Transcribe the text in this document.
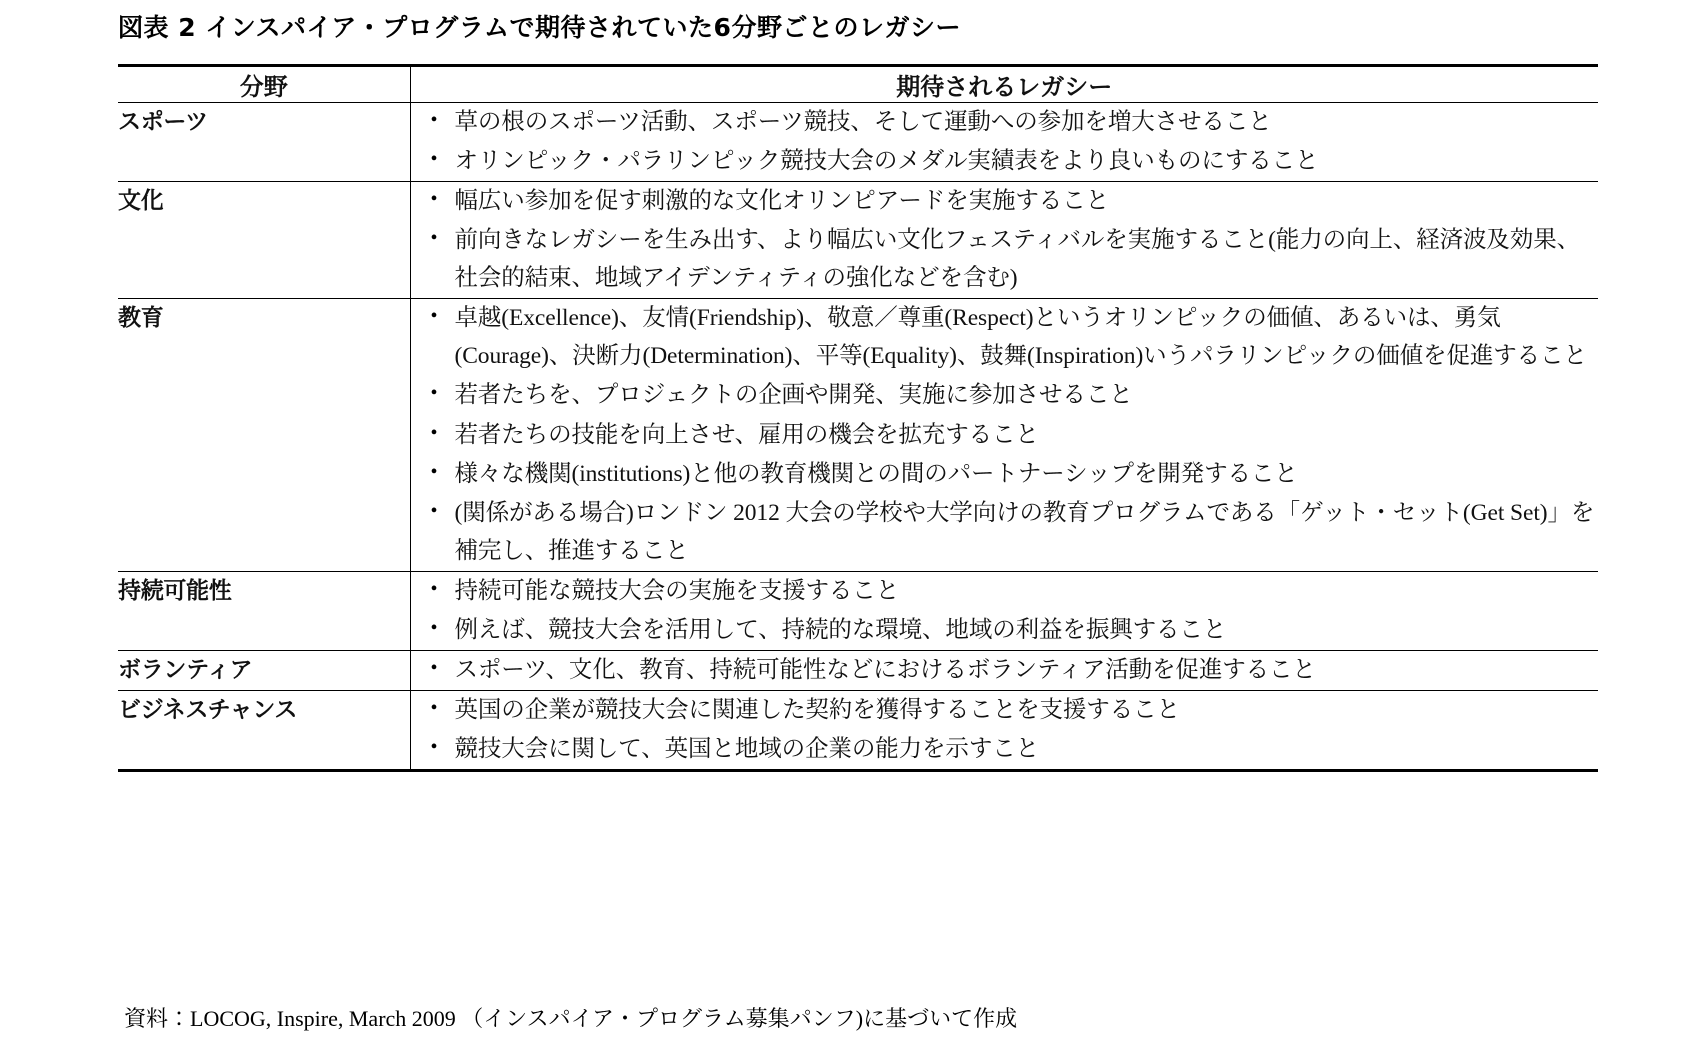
図表 2 インスパイア・プログラムで期待されていた6分野ごとのレガシー
分野	期待されるレガシー
スポーツ	
•草の根のスポーツ活動、スポーツ競技、そして運動への参加を増大させること
• オリンピック・パラリンピック競技大会のメダル実績表をより良いものにすること

文化	
•幅広い参加を促す刺激的な文化オリンピアードを実施すること
• 前向きなレガシーを生み出す、より幅広い文化フェスティバルを実施すること(能力の向上、経済波及効果、社会的結束、地域アイデンティティの強化などを含む)

教育	
•卓越(Excellence)、友情(Friendship)、敬意／尊重(Respect)というオリンピックの価値、あるいは、勇気(Courage)、決断力(Determination)、平等(Equality)、鼓舞(Inspiration)いうパラリンピックの価値を促進すること
• 若者たちを、プロジェクトの企画や開発、実施に参加させること
• 若者たちの技能を向上させ、雇用の機会を拡充すること
• 様々な機関(institutions)と他の教育機関との間のパートナーシップを開発すること
• (関係がある場合)ロンドン 2012 大会の学校や大学向けの教育プログラムである「ゲット・セット(Get Set)」を補完し、推進すること

持続可能性	
•持続可能な競技大会の実施を支援すること
• 例えば、競技大会を活用して、持続的な環境、地域の利益を振興すること

ボランティア	
•スポーツ、文化、教育、持続可能性などにおけるボランティア活動を促進すること

ビジネスチャンス	
•英国の企業が競技大会に関連した契約を獲得することを支援すること
• 競技大会に関して、英国と地域の企業の能力を示すこと
資料：LOCOG, Inspire, March 2009 （インスパイア・プログラム募集パンフ)に基づいて作成
